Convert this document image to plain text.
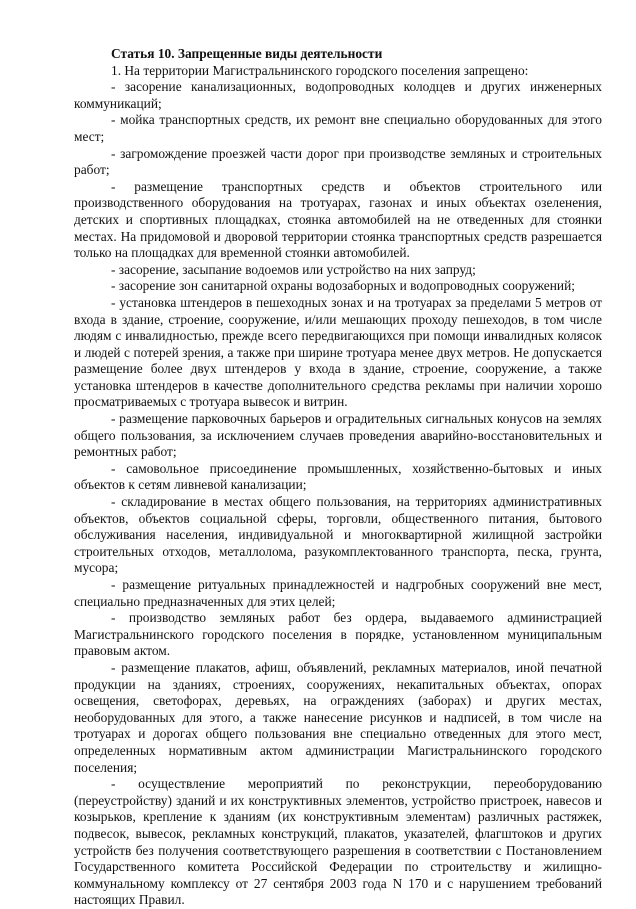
Статья 10. Запрещенные виды деятельности

1. На территории Магистральнинского городского поселения запрещено:

- засорение канализационных, водопроводных колодцев и других инженерных коммуникаций;

- мойка транспортных средств, их ремонт вне специально оборудованных для этого мест;

- загромождение проезжей части дорог при производстве земляных и строительных работ;

- размещение транспортных средств и объектов строительного или производственного оборудования на тротуарах, газонах и иных объектах озеленения, детских и спортивных площадках, стоянка автомобилей на не отведенных для стоянки местах. На придомовой и дворовой территории стоянка транспортных средств разрешается только на площадках для временной стоянки автомобилей.

- засорение, засыпание водоемов или устройство на них запруд;

- засорение зон санитарной охраны водозаборных и водопроводных сооружений;

- установка штендеров в пешеходных зонах и на тротуарах за пределами 5 метров от входа в здание, строение, сооружение, и/или мешающих проходу пешеходов, в том числе людям с инвалидностью, прежде всего передвигающихся при помощи инвалидных колясок и людей с потерей зрения, а также при ширине тротуара менее двух метров. Не допускается размещение более двух штендеров у входа в здание, строение, сооружение, а также установка штендеров в качестве дополнительного средства рекламы при наличии хорошо просматриваемых с тротуара вывесок и витрин.

- размещение парковочных барьеров и оградительных сигнальных конусов на землях общего пользования, за исключением случаев проведения аварийно-восстановительных и ремонтных работ;

- самовольное присоединение промышленных, хозяйственно-бытовых и иных объектов к сетям ливневой канализации;

- складирование в местах общего пользования, на территориях административных объектов, объектов социальной сферы, торговли, общественного питания, бытового обслуживания населения, индивидуальной и многоквартирной жилищной застройки строительных отходов, металлолома, разукомплектованного транспорта, песка, грунта, мусора;

- размещение ритуальных принадлежностей и надгробных сооружений вне мест, специально предназначенных для этих целей;

- производство земляных работ без ордера, выдаваемого администрацией Магистральнинского городского поселения в порядке, установленном муниципальным правовым актом.

- размещение плакатов, афиш, объявлений, рекламных материалов, иной печатной продукции на зданиях, строениях, сооружениях, некапитальных объектах, опорах освещения, светофорах, деревьях, на ограждениях (заборах) и других местах, необорудованных для этого, а также нанесение рисунков и надписей, в том числе на тротуарах и дорогах общего пользования вне специально отведенных для этого мест, определенных нормативным актом администрации Магистральнинского городского поселения;

- осуществление мероприятий по реконструкции, переоборудованию (переустройству) зданий и их конструктивных элементов, устройство пристроек, навесов и козырьков, крепление к зданиям (их конструктивным элементам) различных растяжек, подвесок, вывесок, рекламных конструкций, плакатов, указателей, флагштоков и других устройств без получения соответствующего разрешения в соответствии с Постановлением Государственного комитета Российской Федерации по строительству и жилищно-коммунальному комплексу от 27 сентября 2003 года N 170 и с нарушением требований настоящих Правил.
